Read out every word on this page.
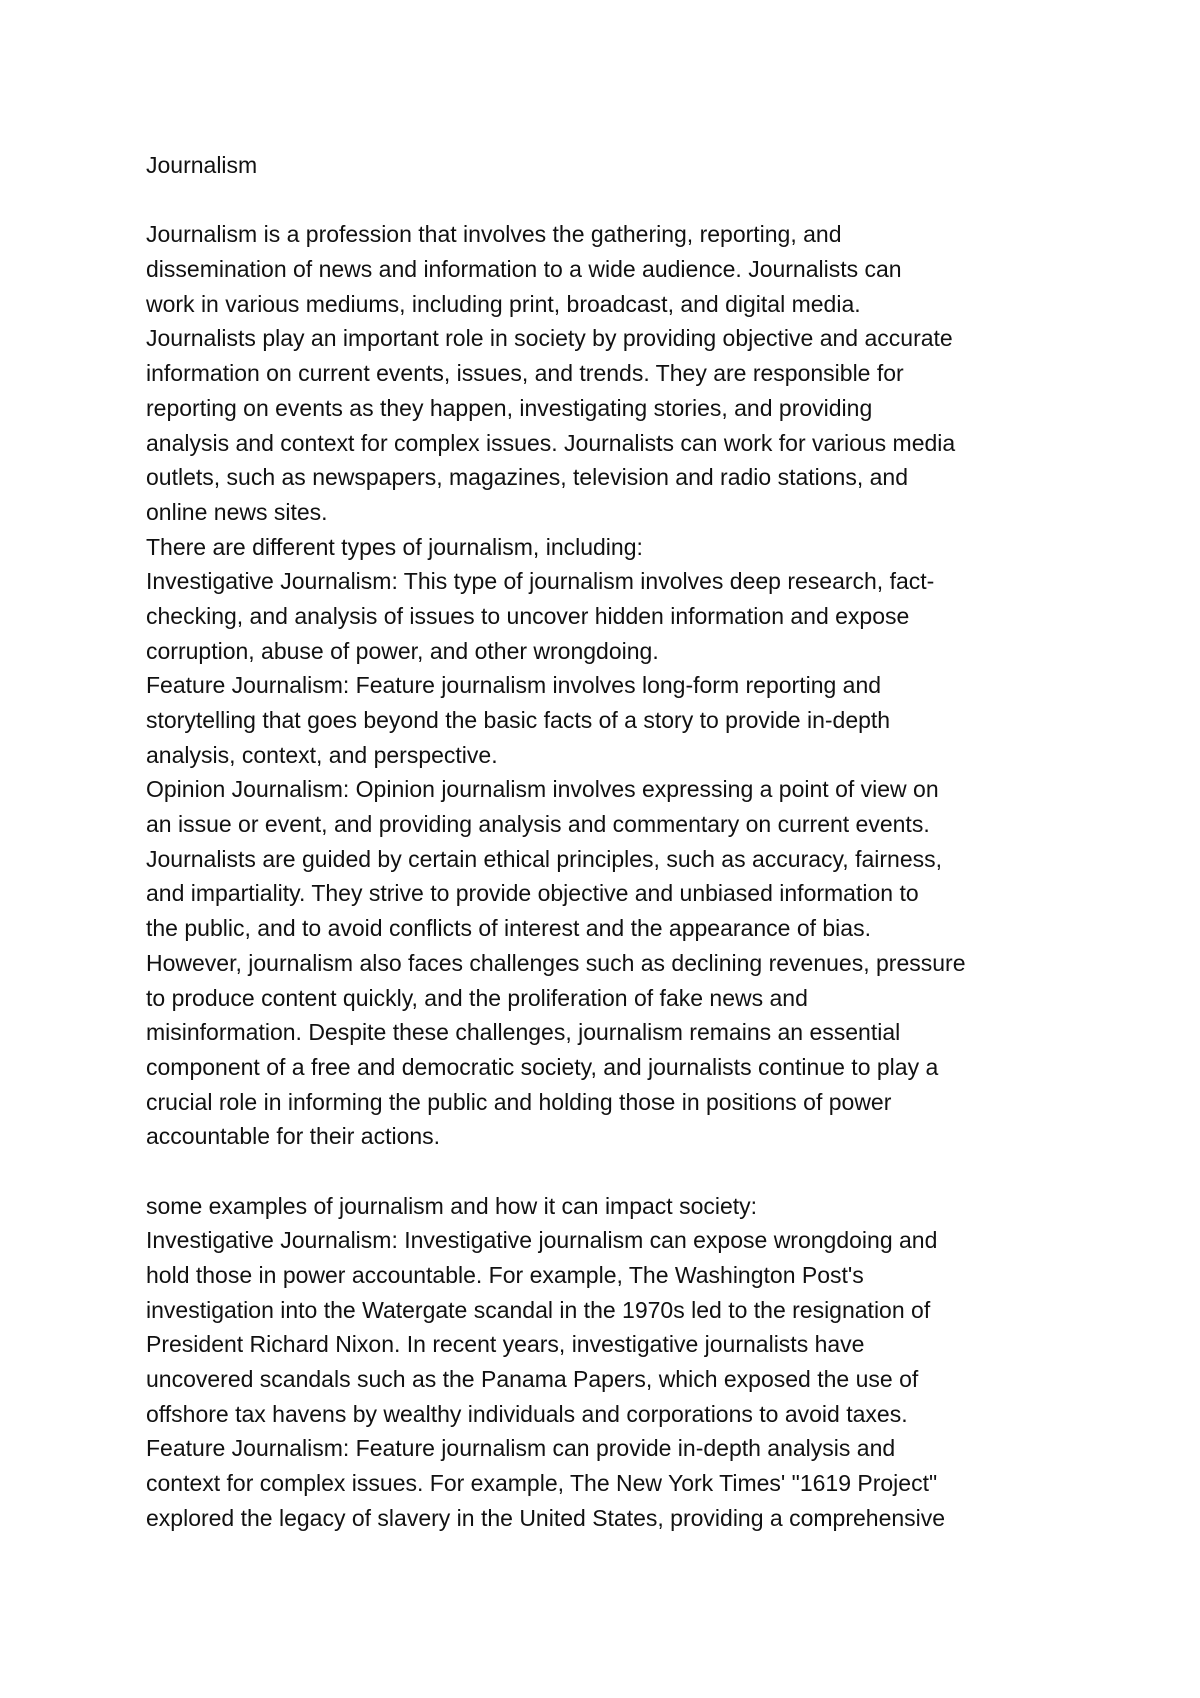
Journalism
Journalism is a profession that involves the gathering, reporting, and
dissemination of news and information to a wide audience. Journalists can
work in various mediums, including print, broadcast, and digital media.
Journalists play an important role in society by providing objective and accurate
information on current events, issues, and trends. They are responsible for
reporting on events as they happen, investigating stories, and providing
analysis and context for complex issues. Journalists can work for various media
outlets, such as newspapers, magazines, television and radio stations, and
online news sites.
There are different types of journalism, including:
Investigative Journalism: This type of journalism involves deep research, fact-
checking, and analysis of issues to uncover hidden information and expose
corruption, abuse of power, and other wrongdoing.
Feature Journalism: Feature journalism involves long-form reporting and
storytelling that goes beyond the basic facts of a story to provide in-depth
analysis, context, and perspective.
Opinion Journalism: Opinion journalism involves expressing a point of view on
an issue or event, and providing analysis and commentary on current events.
Journalists are guided by certain ethical principles, such as accuracy, fairness,
and impartiality. They strive to provide objective and unbiased information to
the public, and to avoid conflicts of interest and the appearance of bias.
However, journalism also faces challenges such as declining revenues, pressure
to produce content quickly, and the proliferation of fake news and
misinformation. Despite these challenges, journalism remains an essential
component of a free and democratic society, and journalists continue to play a
crucial role in informing the public and holding those in positions of power
accountable for their actions.
some examples of journalism and how it can impact society:
Investigative Journalism: Investigative journalism can expose wrongdoing and
hold those in power accountable. For example, The Washington Post's
investigation into the Watergate scandal in the 1970s led to the resignation of
President Richard Nixon. In recent years, investigative journalists have
uncovered scandals such as the Panama Papers, which exposed the use of
offshore tax havens by wealthy individuals and corporations to avoid taxes.
Feature Journalism: Feature journalism can provide in-depth analysis and
context for complex issues. For example, The New York Times' "1619 Project"
explored the legacy of slavery in the United States, providing a comprehensive
